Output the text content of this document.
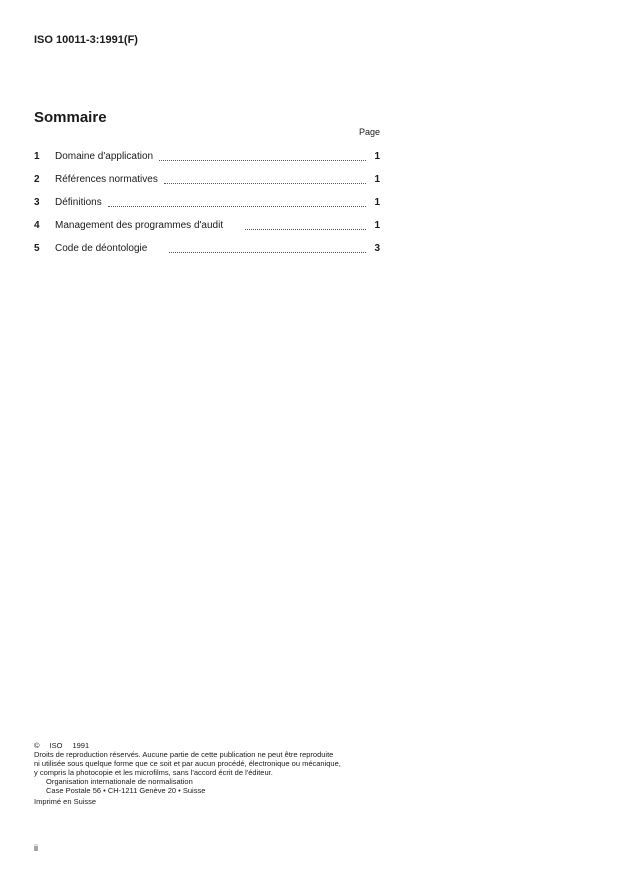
ISO 10011-3:1991(F)
Sommaire
Page
1	Domaine d'application	1
2	Références normatives	1
3	Définitions	1
4	Management des programmes d'audit	1
5	Code de déontologie	3
© ISO 1991
Droits de reproduction réservés. Aucune partie de cette publication ne peut être reproduite
ni utilisée sous quelque forme que ce soit et par aucun procédé, électronique ou mécanique,
y compris la photocopie et les microfilms, sans l'accord écrit de l'éditeur.
Organisation internationale de normalisation
Case Postale 56 • CH-1211 Genève 20 • Suisse
Imprimé en Suisse
ii
